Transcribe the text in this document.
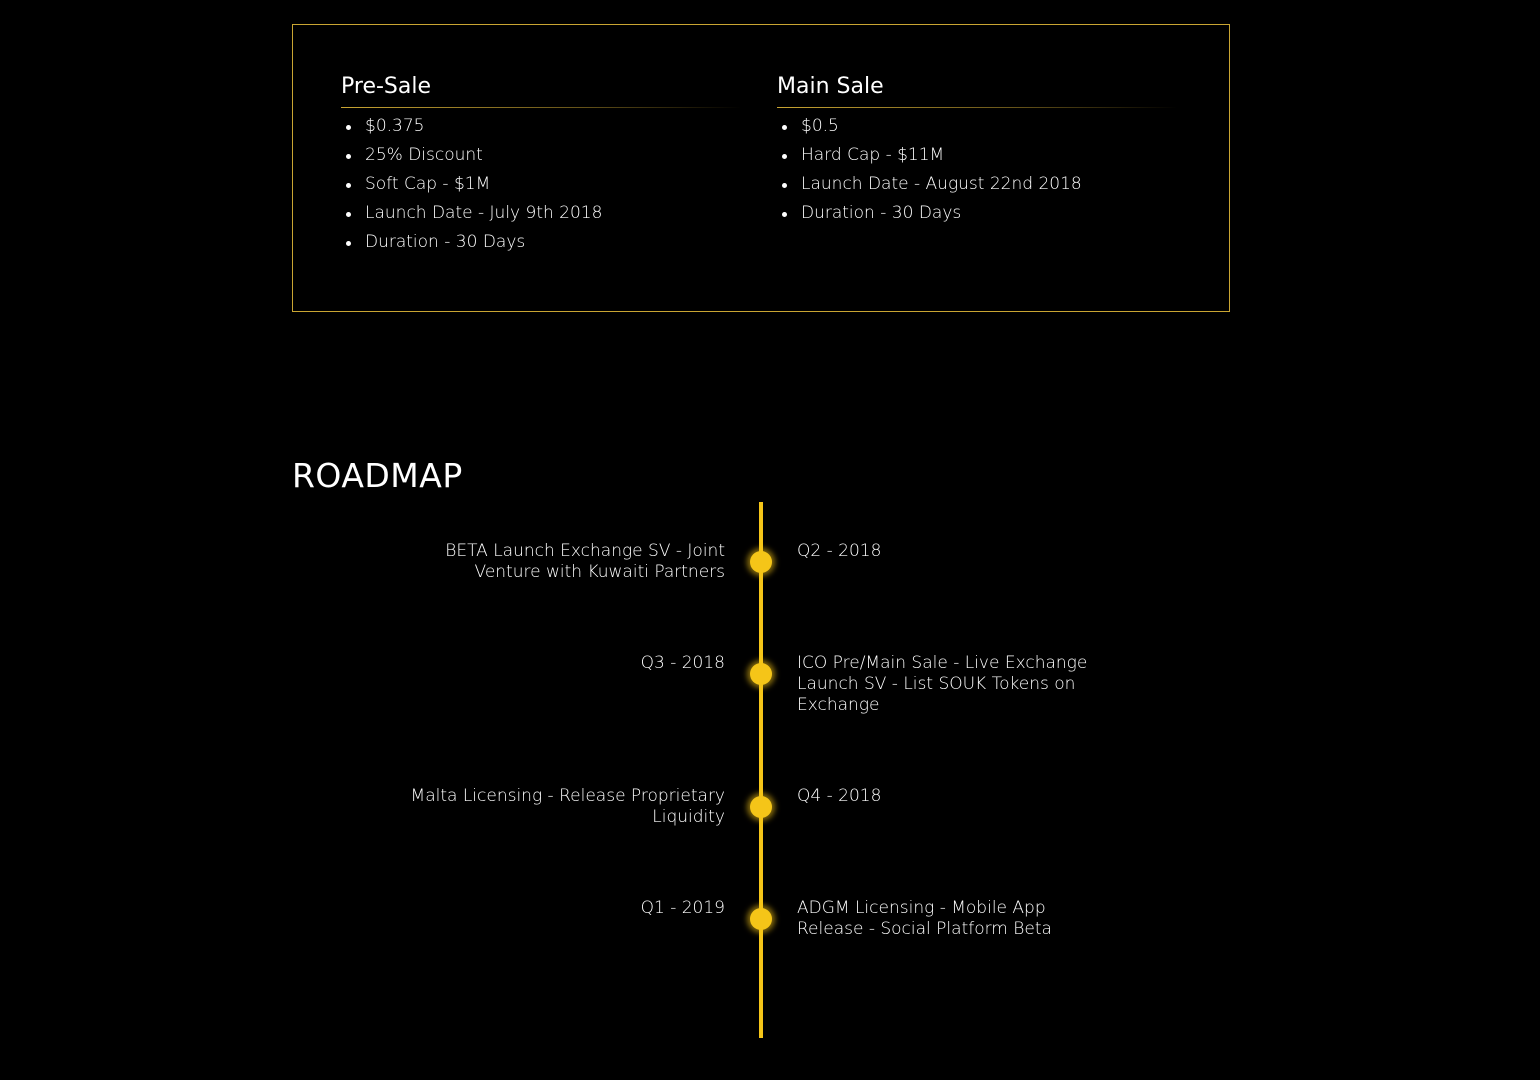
Pre-Sale
$0.375
25% Discount
Soft Cap - $1M
Launch Date - July 9th 2018
Duration - 30 Days
Main Sale
$0.5
Hard Cap - $11M
Launch Date - August 22nd 2018
Duration - 30 Days
ROADMAP
BETA Launch Exchange SV - Joint Venture with Kuwaiti Partners
Q2 - 2018
Q3 - 2018	ICO Pre/Main Sale - Live Exchange Launch SV - List SOUK Tokens on Exchange
Malta Licensing - Release Proprietary Liquidity
Q4 - 2018
Q1 - 2019	ADGM Licensing - Mobile App Release - Social Platform Beta
